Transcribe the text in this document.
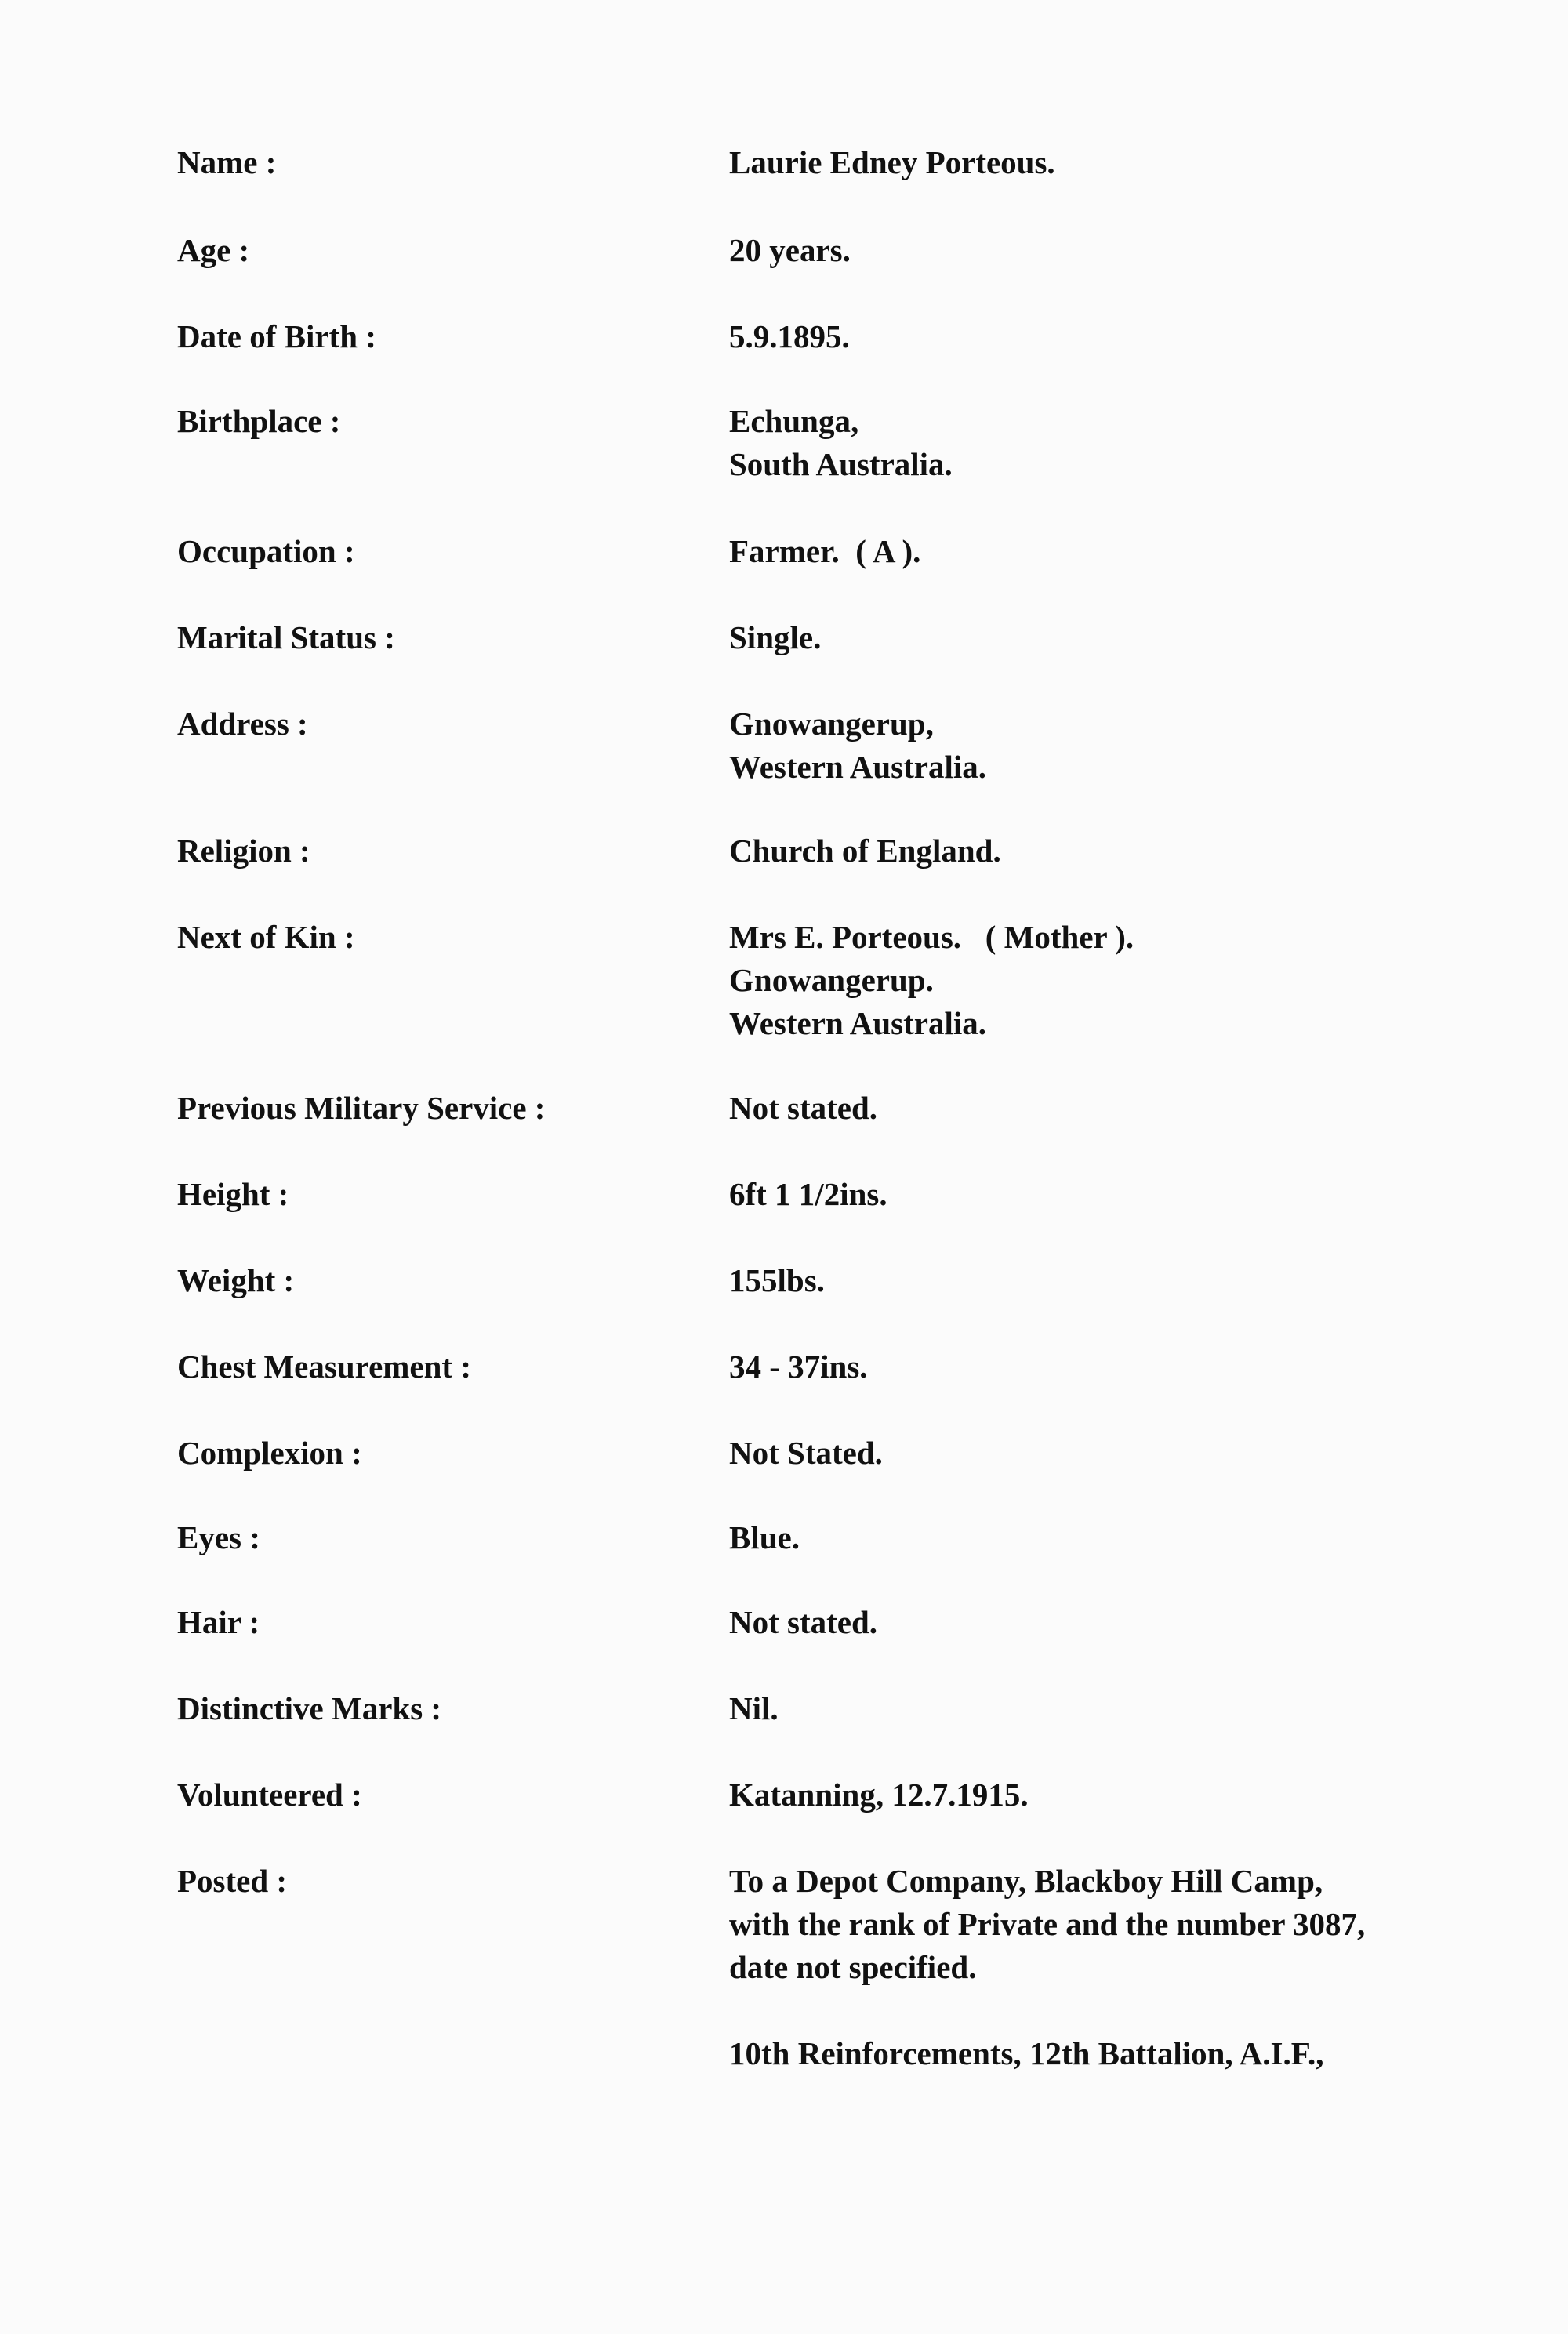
Name :	Laurie Edney Porteous.
Age :	20 years.
Date of Birth :	5.9.1895.
Birthplace :	Echunga,
South Australia.
Occupation :	Farmer.  ( A ).
Marital Status :	Single.
Address :	Gnowangerup,
Western Australia.
Religion :	Church of England.
Next of Kin :	Mrs E. Porteous.   ( Mother ).
Gnowangerup.
Western Australia.
Previous Military Service :	Not stated.
Height :	6ft 1 1/2ins.
Weight :	155lbs.
Chest Measurement :	34 - 37ins.
Complexion :	Not Stated.
Eyes :	Blue.
Hair :	Not stated.
Distinctive Marks :	Nil.
Volunteered :	Katanning, 12.7.1915.
Posted :	To a Depot Company, Blackboy Hill Camp,
with the rank of Private and the number 3087,
date not specified.
10th Reinforcements, 12th Battalion, A.I.F.,
